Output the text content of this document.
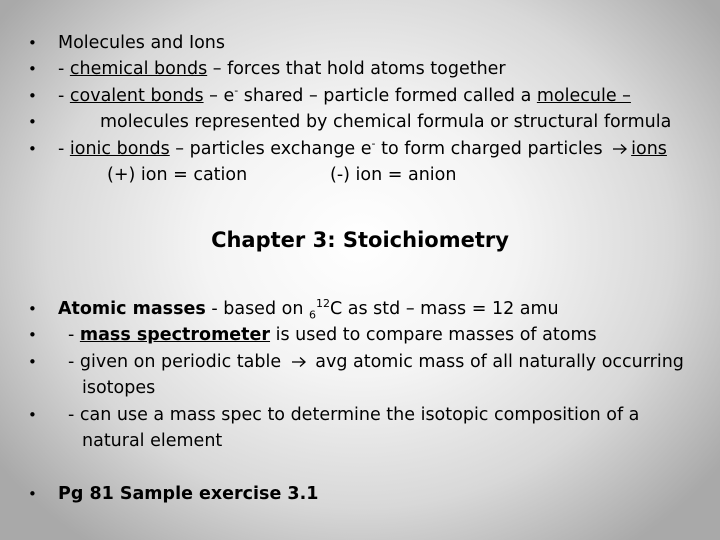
• Molecules and Ions
• - chemical bonds – forces that hold atoms together
• - covalent bonds – e- shared – particle formed called a molecule –
•	molecules represented by chemical formula or structural formula
• - ionic bonds – particles exchange e- to form charged particles ions
(+) ion = cation	(-) ion = anion
Chapter 3: Stoichiometry
• Atomic masses - based on $_6^{12}$C as std – mass = 12 amu
• - mass spectrometer is used to compare masses of atoms
• - given on periodic table  avg atomic mass of all naturally occurring
isotopes
• - can use a mass spec to determine the isotopic composition of a
natural element
• Pg 81 Sample exercise 3.1
